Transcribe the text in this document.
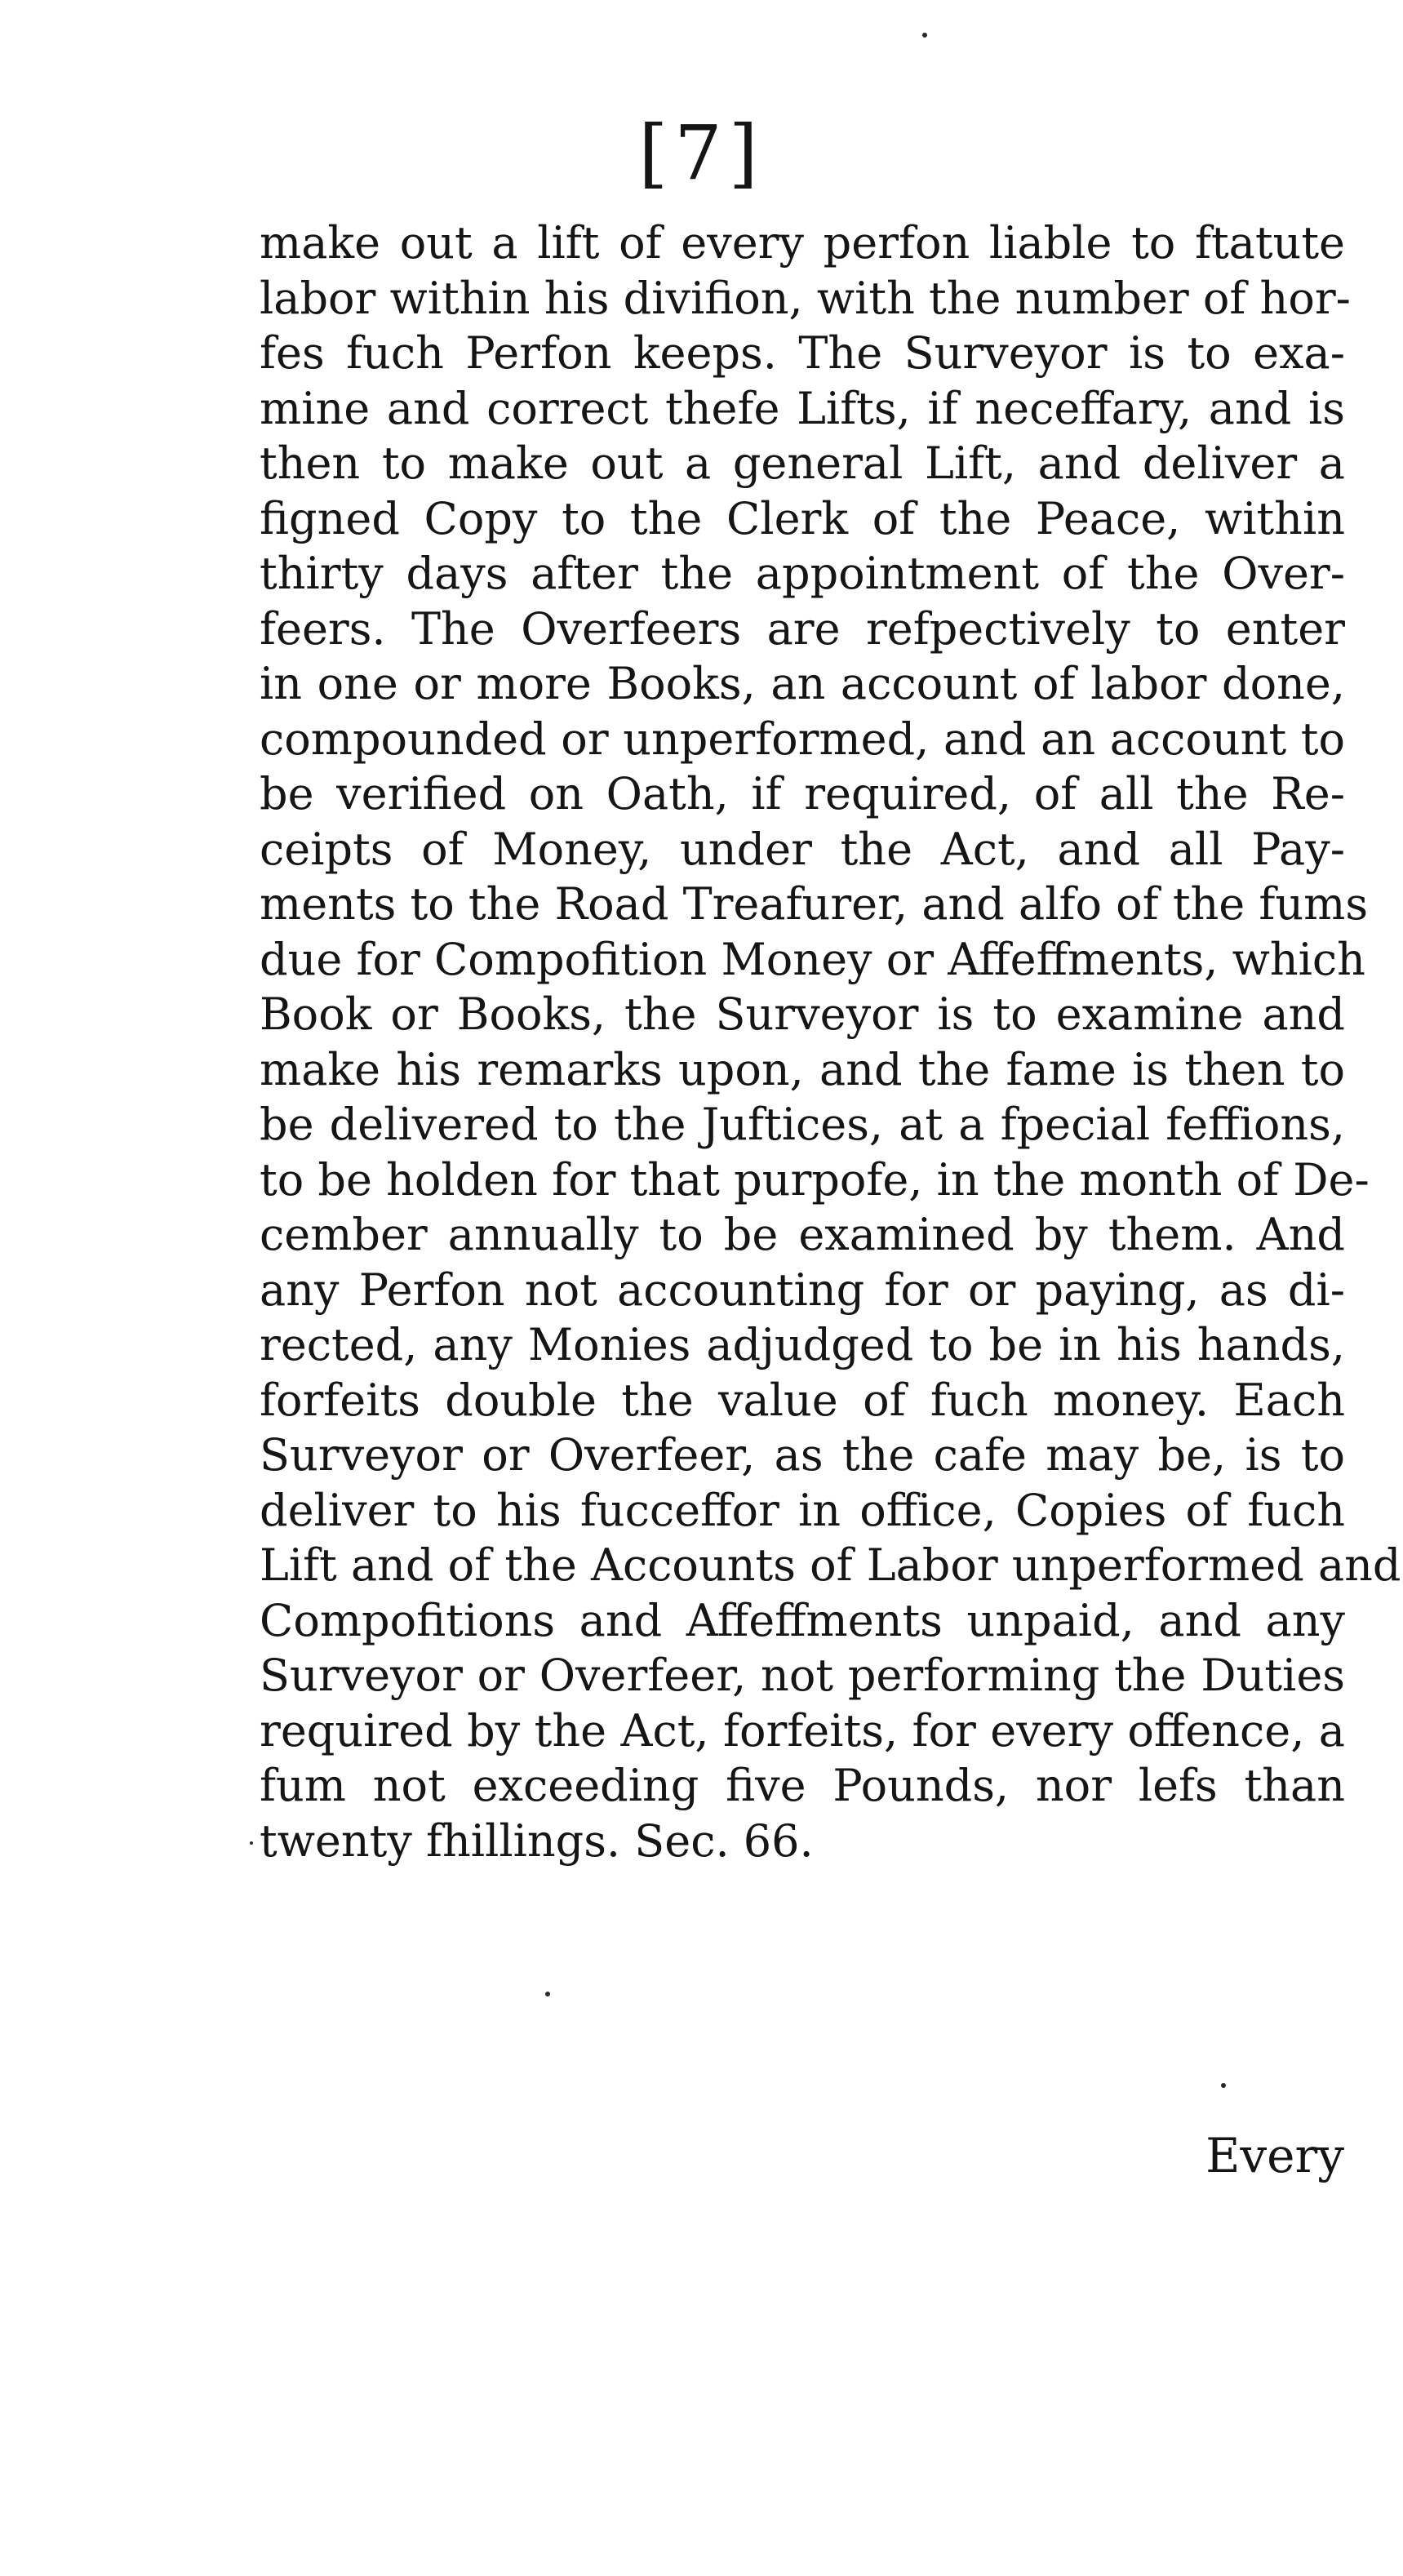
[7]
make out a lift of every perfon liable to ftatute
labor within his divifion, with the number of hor-
fes fuch Perfon keeps. The Surveyor is to exa-
mine and correct thefe Lifts, if neceffary, and is
then to make out a general Lift, and deliver a
figned Copy to the Clerk of the Peace, within
thirty days after the appointment of the Over-
feers. The Overfeers are refpectively to enter
in one or more Books, an account of labor done,
compounded or unperformed, and an account to
be verified on Oath, if required, of all the Re-
ceipts of Money, under the Act, and all Pay-
ments to the Road Treafurer, and alfo of the fums
due for Compofition Money or Affeffments, which
Book or Books, the Surveyor is to examine and
make his remarks upon, and the fame is then to
be delivered to the Juftices, at a fpecial feffions,
to be holden for that purpofe, in the month of De-
cember annually to be examined by them. And
any Perfon not accounting for or paying, as di-
rected, any Monies adjudged to be in his hands,
forfeits double the value of fuch money. Each
Surveyor or Overfeer, as the cafe may be, is to
deliver to his fucceffor in office, Copies of fuch
Lift and of the Accounts of Labor unperformed and
Compofitions and Affeffments unpaid, and any
Surveyor or Overfeer, not performing the Duties
required by the Act, forfeits, for every offence, a
fum not exceeding five Pounds, nor lefs than
twenty fhillings. Sec. 66.
Every
